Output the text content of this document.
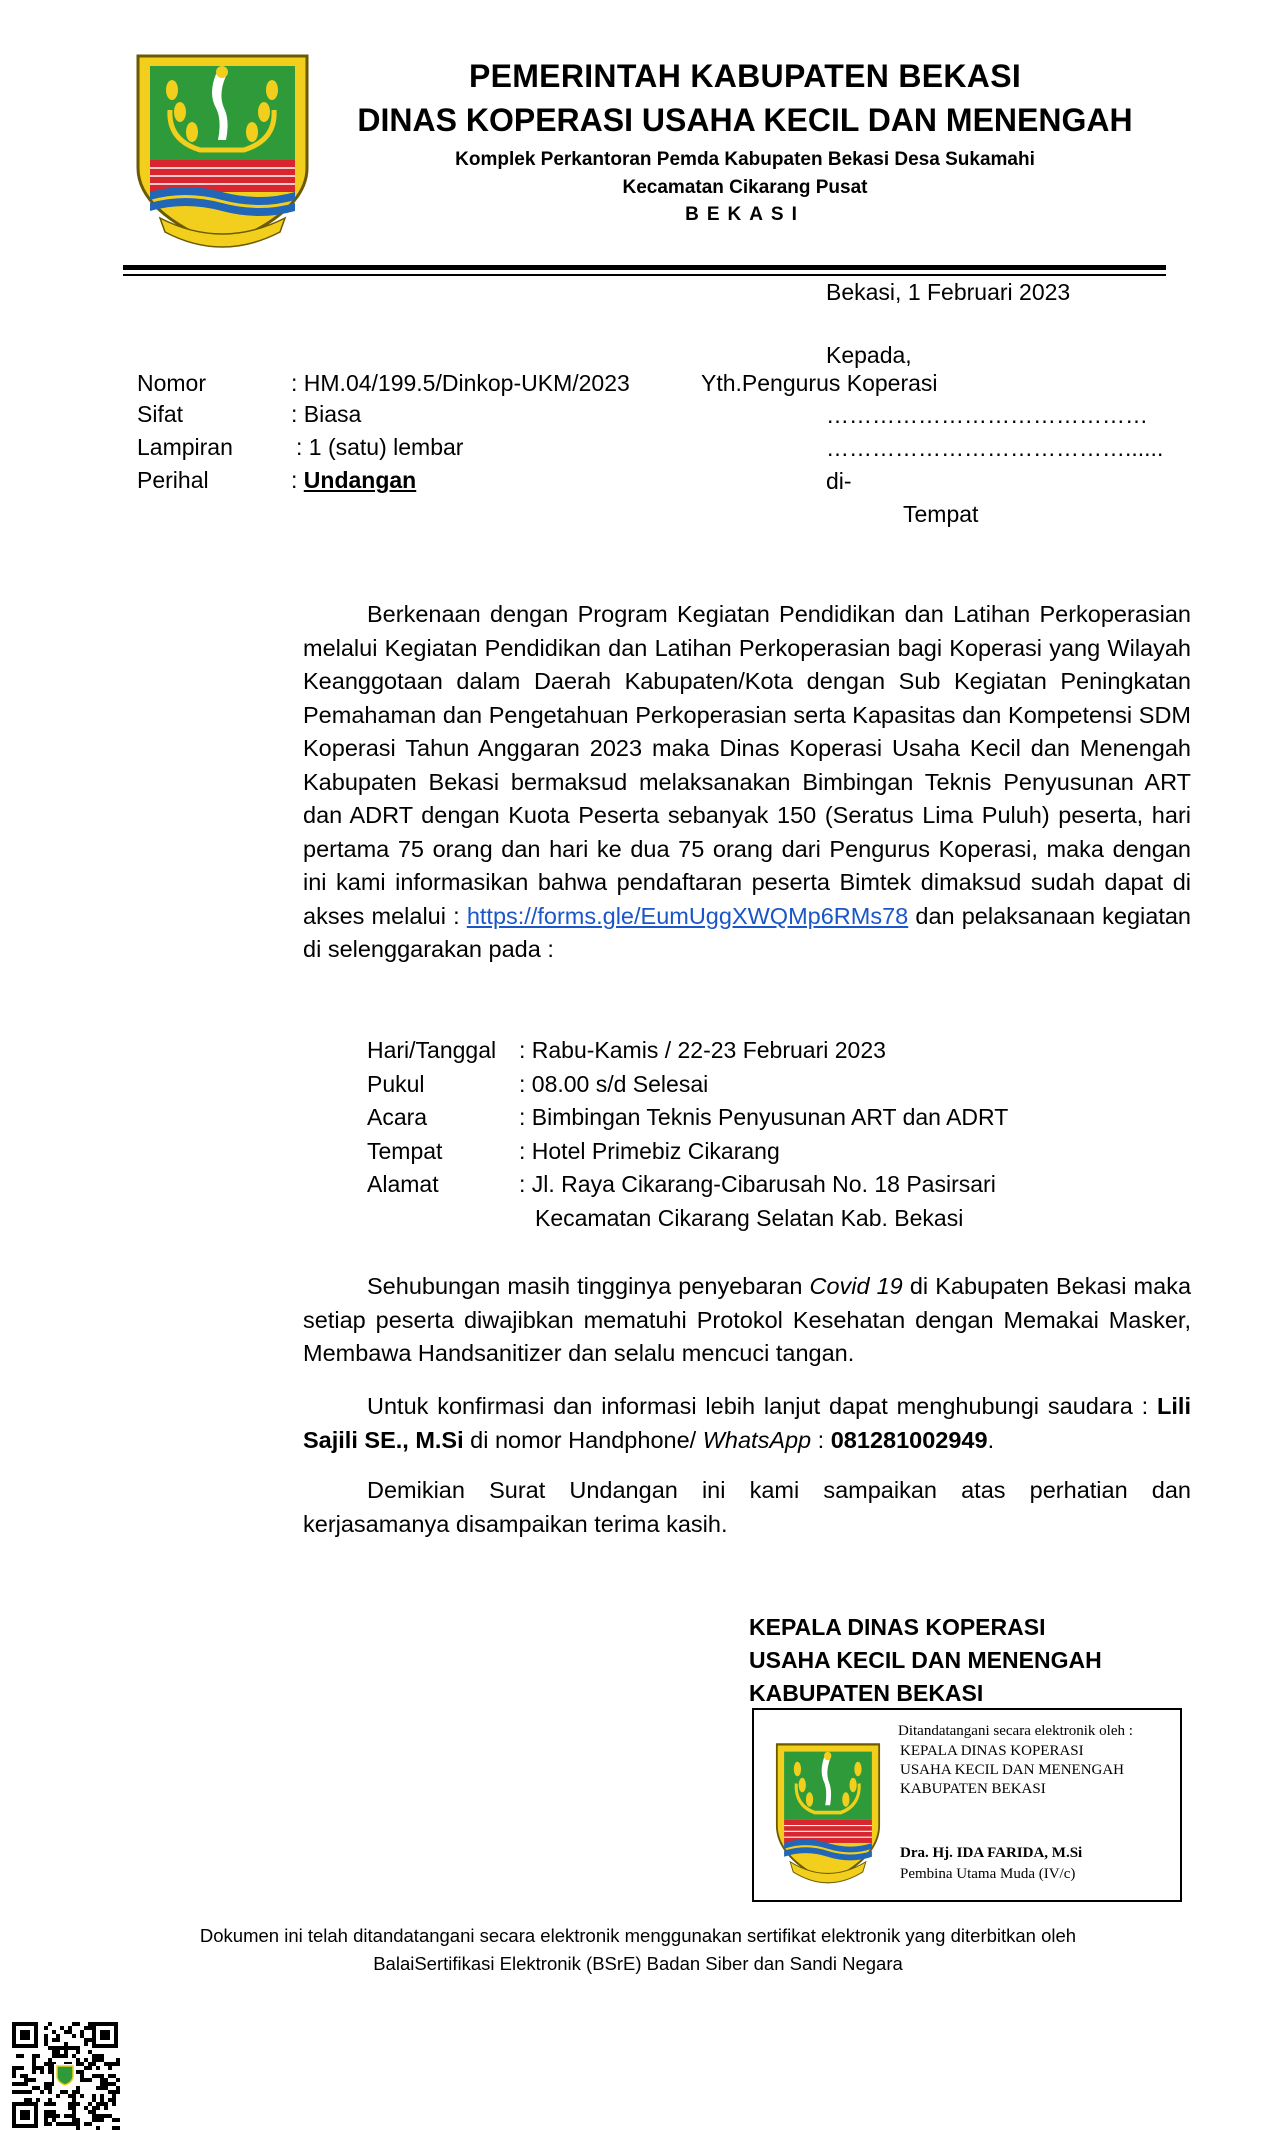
PEMERINTAH KABUPATEN BEKASI
DINAS KOPERASI USAHA KECIL DAN MENENGAH
Komplek Perkantoran Pemda Kabupaten Bekasi Desa Sukamahi
Kecamatan Cikarang Pusat
BEKASI
Bekasi, 1 Februari 2023
Kepada,
Yth.Pengurus Koperasi
……………………………………
…………………………………......
di-
Tempat
Nomor	: HM.04/199.5/Dinkop-UKM/2023
Sifat	: Biasa
Lampiran	: 1 (satu) lembar
Perihal	: Undangan
Berkenaan dengan Program Kegiatan Pendidikan dan Latihan Perkoperasian melalui Kegiatan Pendidikan dan Latihan Perkoperasian bagi Koperasi yang Wilayah Keanggotaan dalam Daerah Kabupaten/Kota dengan Sub Kegiatan Peningkatan Pemahaman dan Pengetahuan Perkoperasian serta Kapasitas dan Kompetensi SDM Koperasi Tahun Anggaran 2023 maka Dinas Koperasi Usaha Kecil dan Menengah Kabupaten Bekasi bermaksud melaksanakan Bimbingan Teknis Penyusunan ART dan ADRT dengan Kuota Peserta sebanyak 150 (Seratus Lima Puluh) peserta, hari pertama 75 orang dan hari ke dua 75 orang dari Pengurus Koperasi, maka dengan ini kami informasikan bahwa pendaftaran peserta Bimtek dimaksud sudah dapat di akses melalui : https://forms.gle/EumUggXWQMp6RMs78 dan pelaksanaan kegiatan di selenggarakan pada :
Hari/Tanggal : Rabu-Kamis / 22-23 Februari 2023
Pukul	: 08.00 s/d Selesai
Acara	: Bimbingan Teknis Penyusunan ART dan ADRT
Tempat	: Hotel Primebiz Cikarang
Alamat	: Jl. Raya Cikarang-Cibarusah No. 18 Pasirsari
Kecamatan Cikarang Selatan Kab. Bekasi
Sehubungan masih tingginya penyebaran Covid 19 di Kabupaten Bekasi maka setiap peserta diwajibkan mematuhi Protokol Kesehatan dengan Memakai Masker, Membawa Handsanitizer dan selalu mencuci tangan.
Untuk konfirmasi dan informasi lebih lanjut dapat menghubungi saudara : Lili Sajili SE., M.Si di nomor Handphone/ WhatsApp : 081281002949.
Demikian Surat Undangan ini kami sampaikan atas perhatian dan kerjasamanya disampaikan terima kasih.
KEPALA DINAS KOPERASI
USAHA KECIL DAN MENENGAH
KABUPATEN BEKASI
Ditandatangani secara elektronik oleh :
KEPALA DINAS KOPERASI
USAHA KECIL DAN MENENGAH
KABUPATEN BEKASI
Dra. Hj. IDA FARIDA, M.Si
Pembina Utama Muda (IV/c)
Dokumen ini telah ditandatangani secara elektronik menggunakan sertifikat elektronik yang diterbitkan oleh
BalaiSertifikasi Elektronik (BSrE) Badan Siber dan Sandi Negara
